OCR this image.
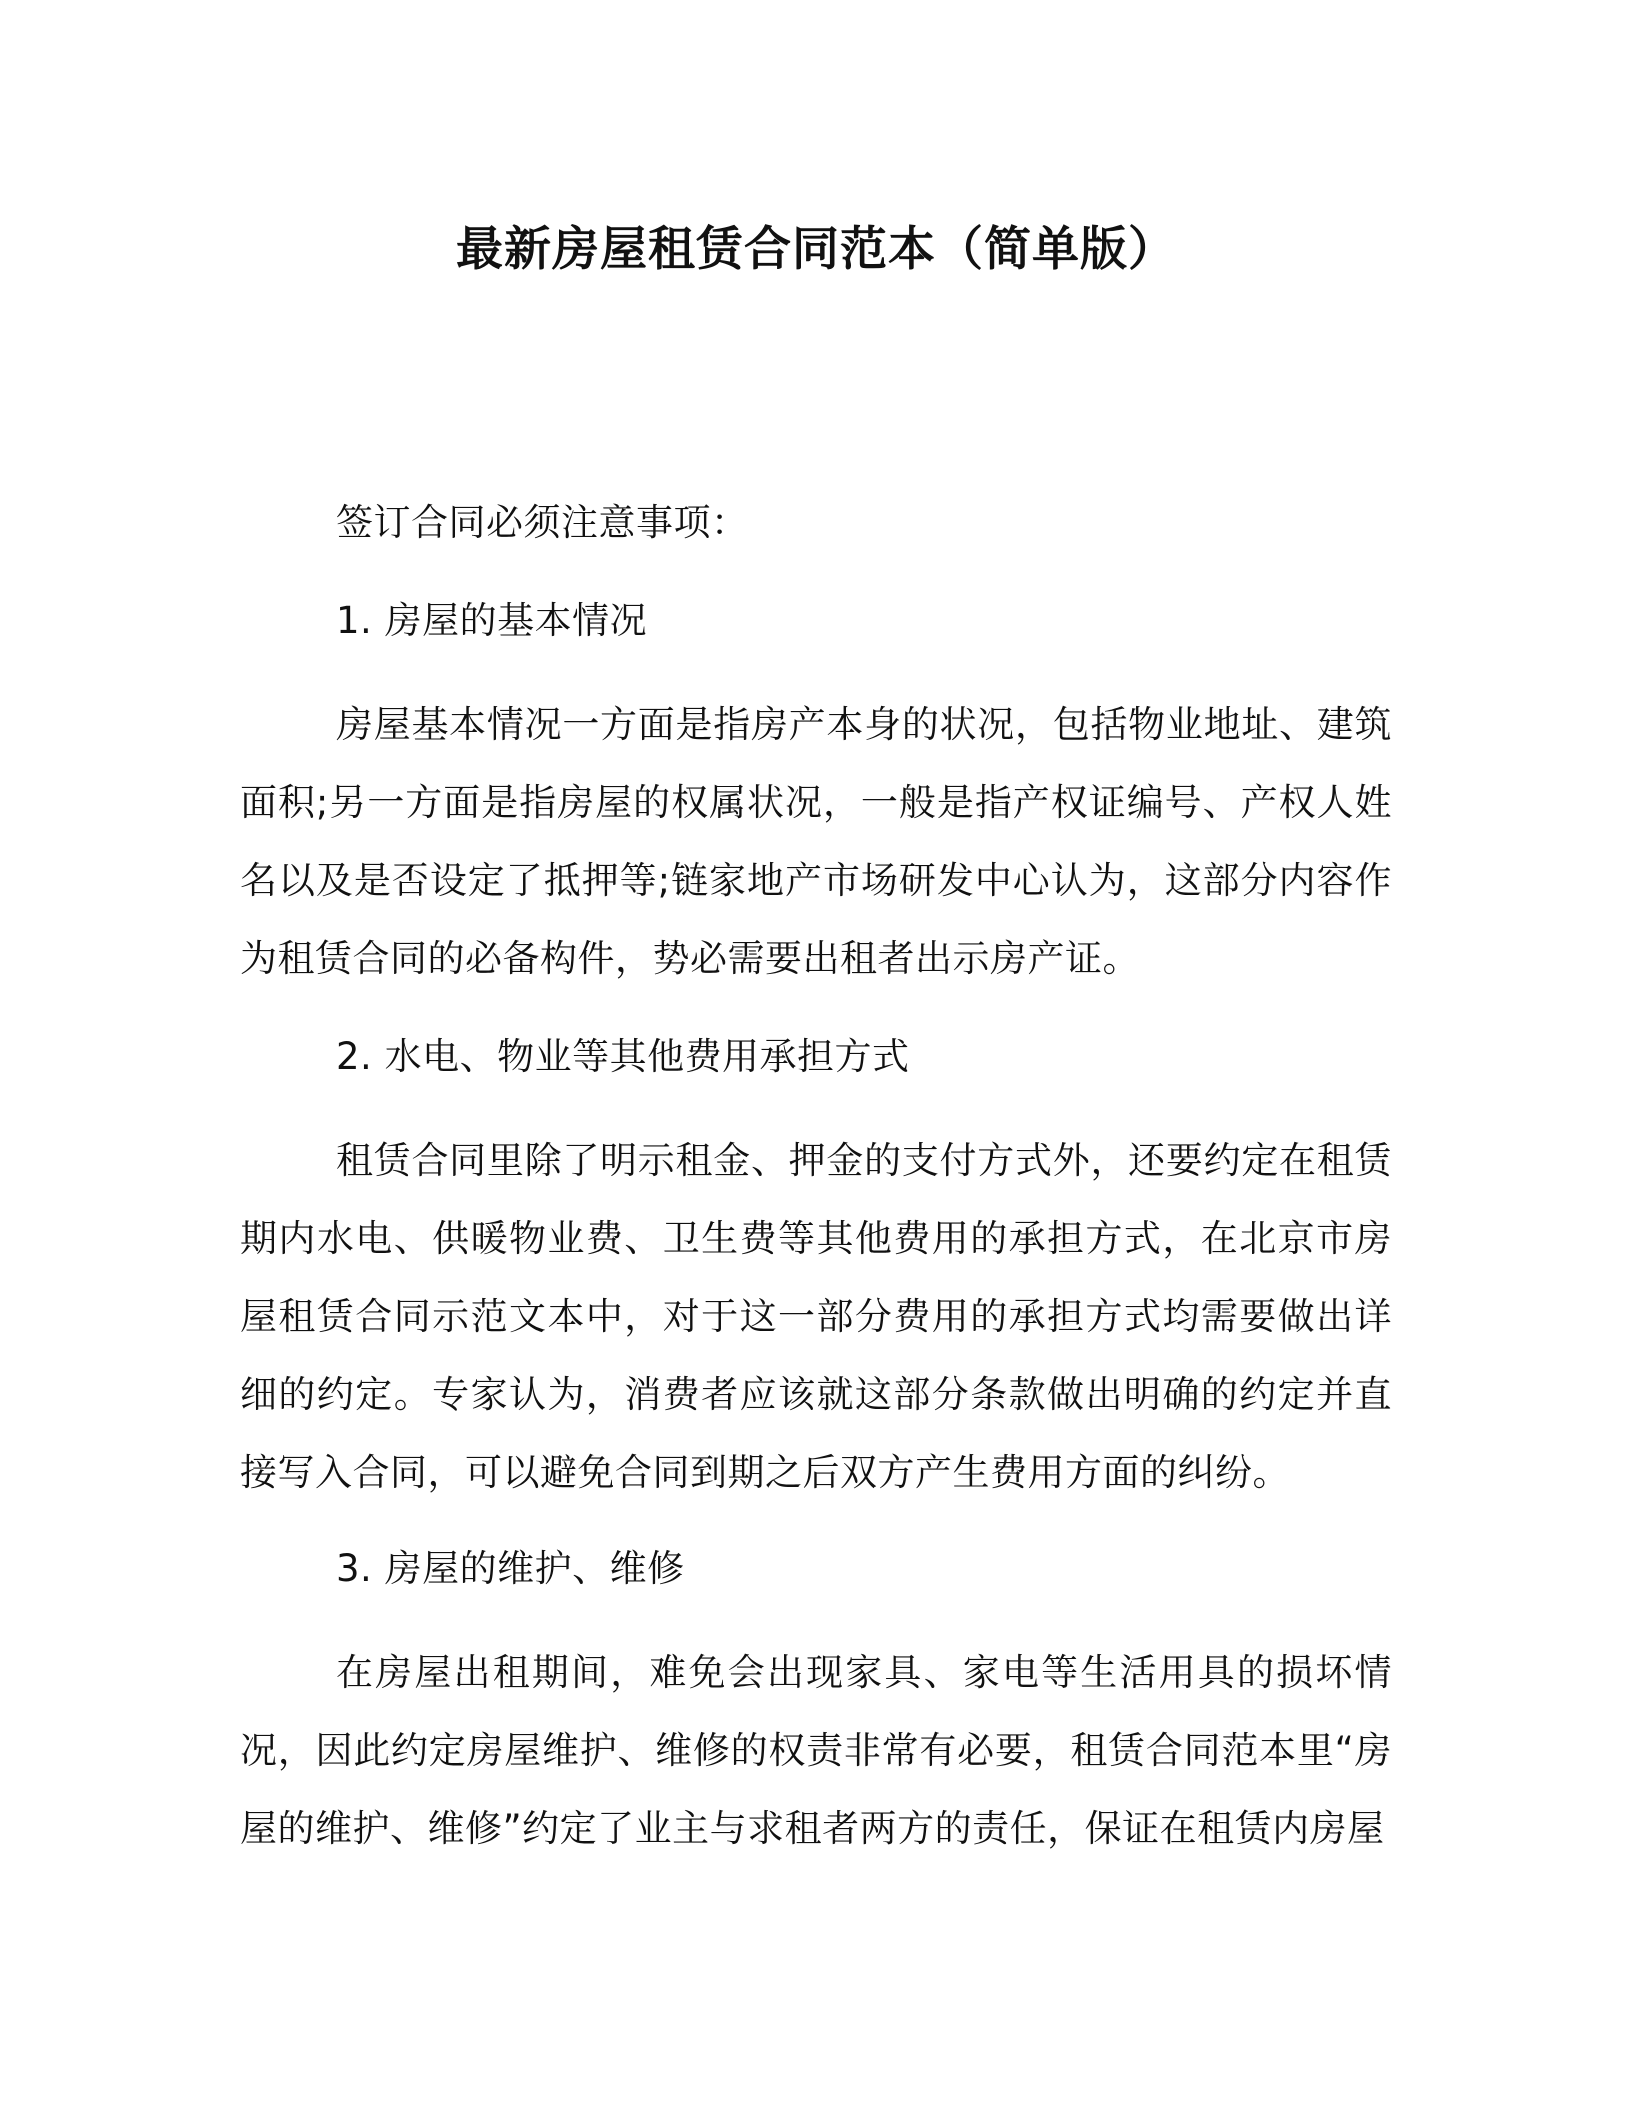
最新房屋租赁合同范本（简单版）

签订合同必须注意事项：

1. 房屋的基本情况

房屋基本情况一方面是指房产本身的状况，包括物业地址、建筑面积;另一方面是指房屋的权属状况，一般是指产权证编号、产权人姓名以及是否设定了抵押等;链家地产市场研发中心认为，这部分内容作为租赁合同的必备构件，势必需要出租者出示房产证。

2. 水电、物业等其他费用承担方式

租赁合同里除了明示租金、押金的支付方式外，还要约定在租赁期内水电、供暖物业费、卫生费等其他费用的承担方式，在北京市房屋租赁合同示范文本中，对于这一部分费用的承担方式均需要做出详细的约定。专家认为，消费者应该就这部分条款做出明确的约定并直接写入合同，可以避免合同到期之后双方产生费用方面的纠纷。

3. 房屋的维护、维修

在房屋出租期间，难免会出现家具、家电等生活用具的损坏情况，因此约定房屋维护、维修的权责非常有必要，租赁合同范本里“房屋的维护、维修”约定了业主与求租者两方的责任，保证在租赁内房屋
